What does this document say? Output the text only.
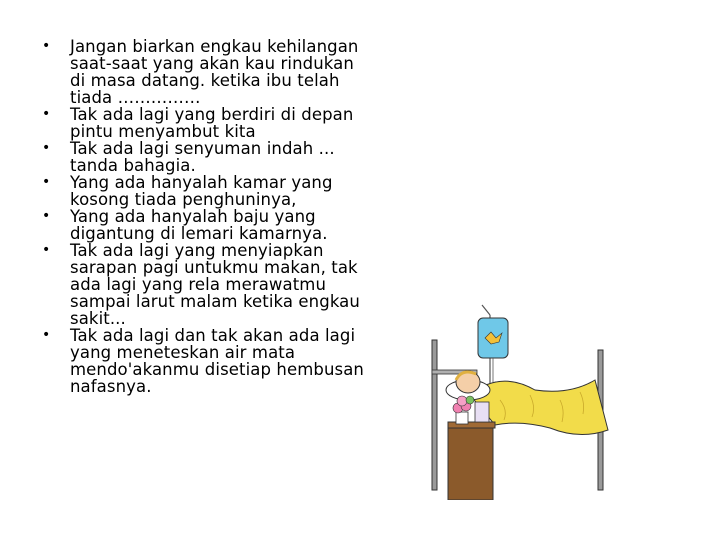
• Jangan biarkan engkau kehilangan saat-saat yang akan kau rindukan di masa datang. ketika ibu telah tiada ……………
• Tak ada lagi yang berdiri di depan pintu menyambut kita
• Tak ada lagi senyuman indah ... tanda bahagia.
• Yang ada hanyalah kamar yang kosong tiada penghuninya,
• Yang ada hanyalah baju yang digantung di lemari kamarnya.
• Tak ada lagi yang menyiapkan sarapan pagi untukmu makan, tak ada lagi yang rela merawatmu sampai larut malam ketika engkau sakit...
• Tak ada lagi dan tak akan ada lagi yang meneteskan air mata mendo'akanmu disetiap hembusan nafasnya.
